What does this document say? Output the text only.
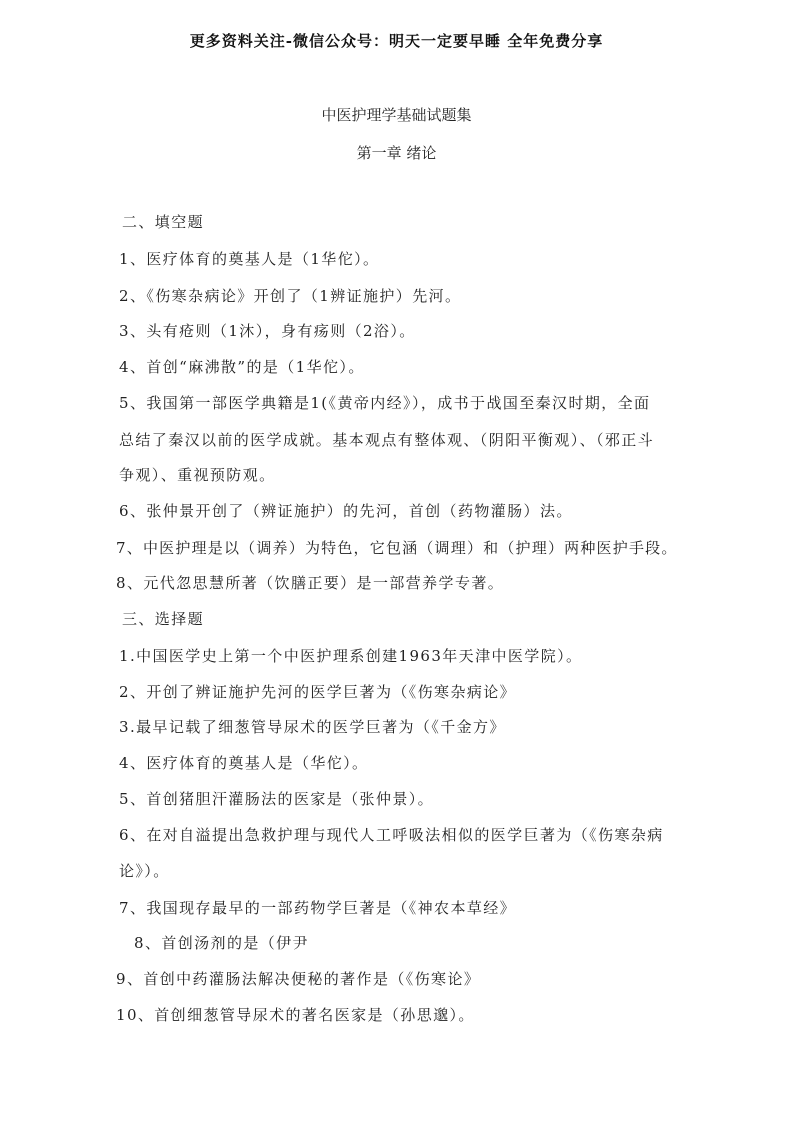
更多资料关注-微信公众号：明天一定要早睡 全年免费分享
中医护理学基础试题集
第一章 绪论
二、填空题
1、医疗体育的奠基人是（1华佗）。
2、《伤寒杂病论》开创了（1辨证施护）先河。
3、头有疮则（1沐），身有疡则（2浴）。
4、首创“麻沸散”的是（1华佗）。
5、我国第一部医学典籍是1(《黄帝内经》），成书于战国至秦汉时期，全面
总结了秦汉以前的医学成就。基本观点有整体观、（阴阳平衡观）、（邪正斗
争观）、重视预防观。
6、张仲景开创了（辨证施护）的先河，首创（药物灌肠）法。
7、中医护理是以（调养）为特色，它包涵（调理）和（护理）两种医护手段。
8、元代忽思慧所著（饮膳正要）是一部营养学专著。
三、选择题
1.中国医学史上第一个中医护理系创建1963年天津中医学院）。
2、开创了辨证施护先河的医学巨著为（《伤寒杂病论》
3.最早记载了细葱管导尿术的医学巨著为（《千金方》
4、医疗体育的奠基人是（华佗）。
5、首创猪胆汗灌肠法的医家是（张仲景）。
6、在对自溢提出急救护理与现代人工呼吸法相似的医学巨著为（《伤寒杂病
论》）。
7、我国现存最早的一部药物学巨著是（《神农本草经》
8、首创汤剂的是（伊尹
9、首创中药灌肠法解决便秘的著作是（《伤寒论》
10、首创细葱管导尿术的著名医家是（孙思邈）。
